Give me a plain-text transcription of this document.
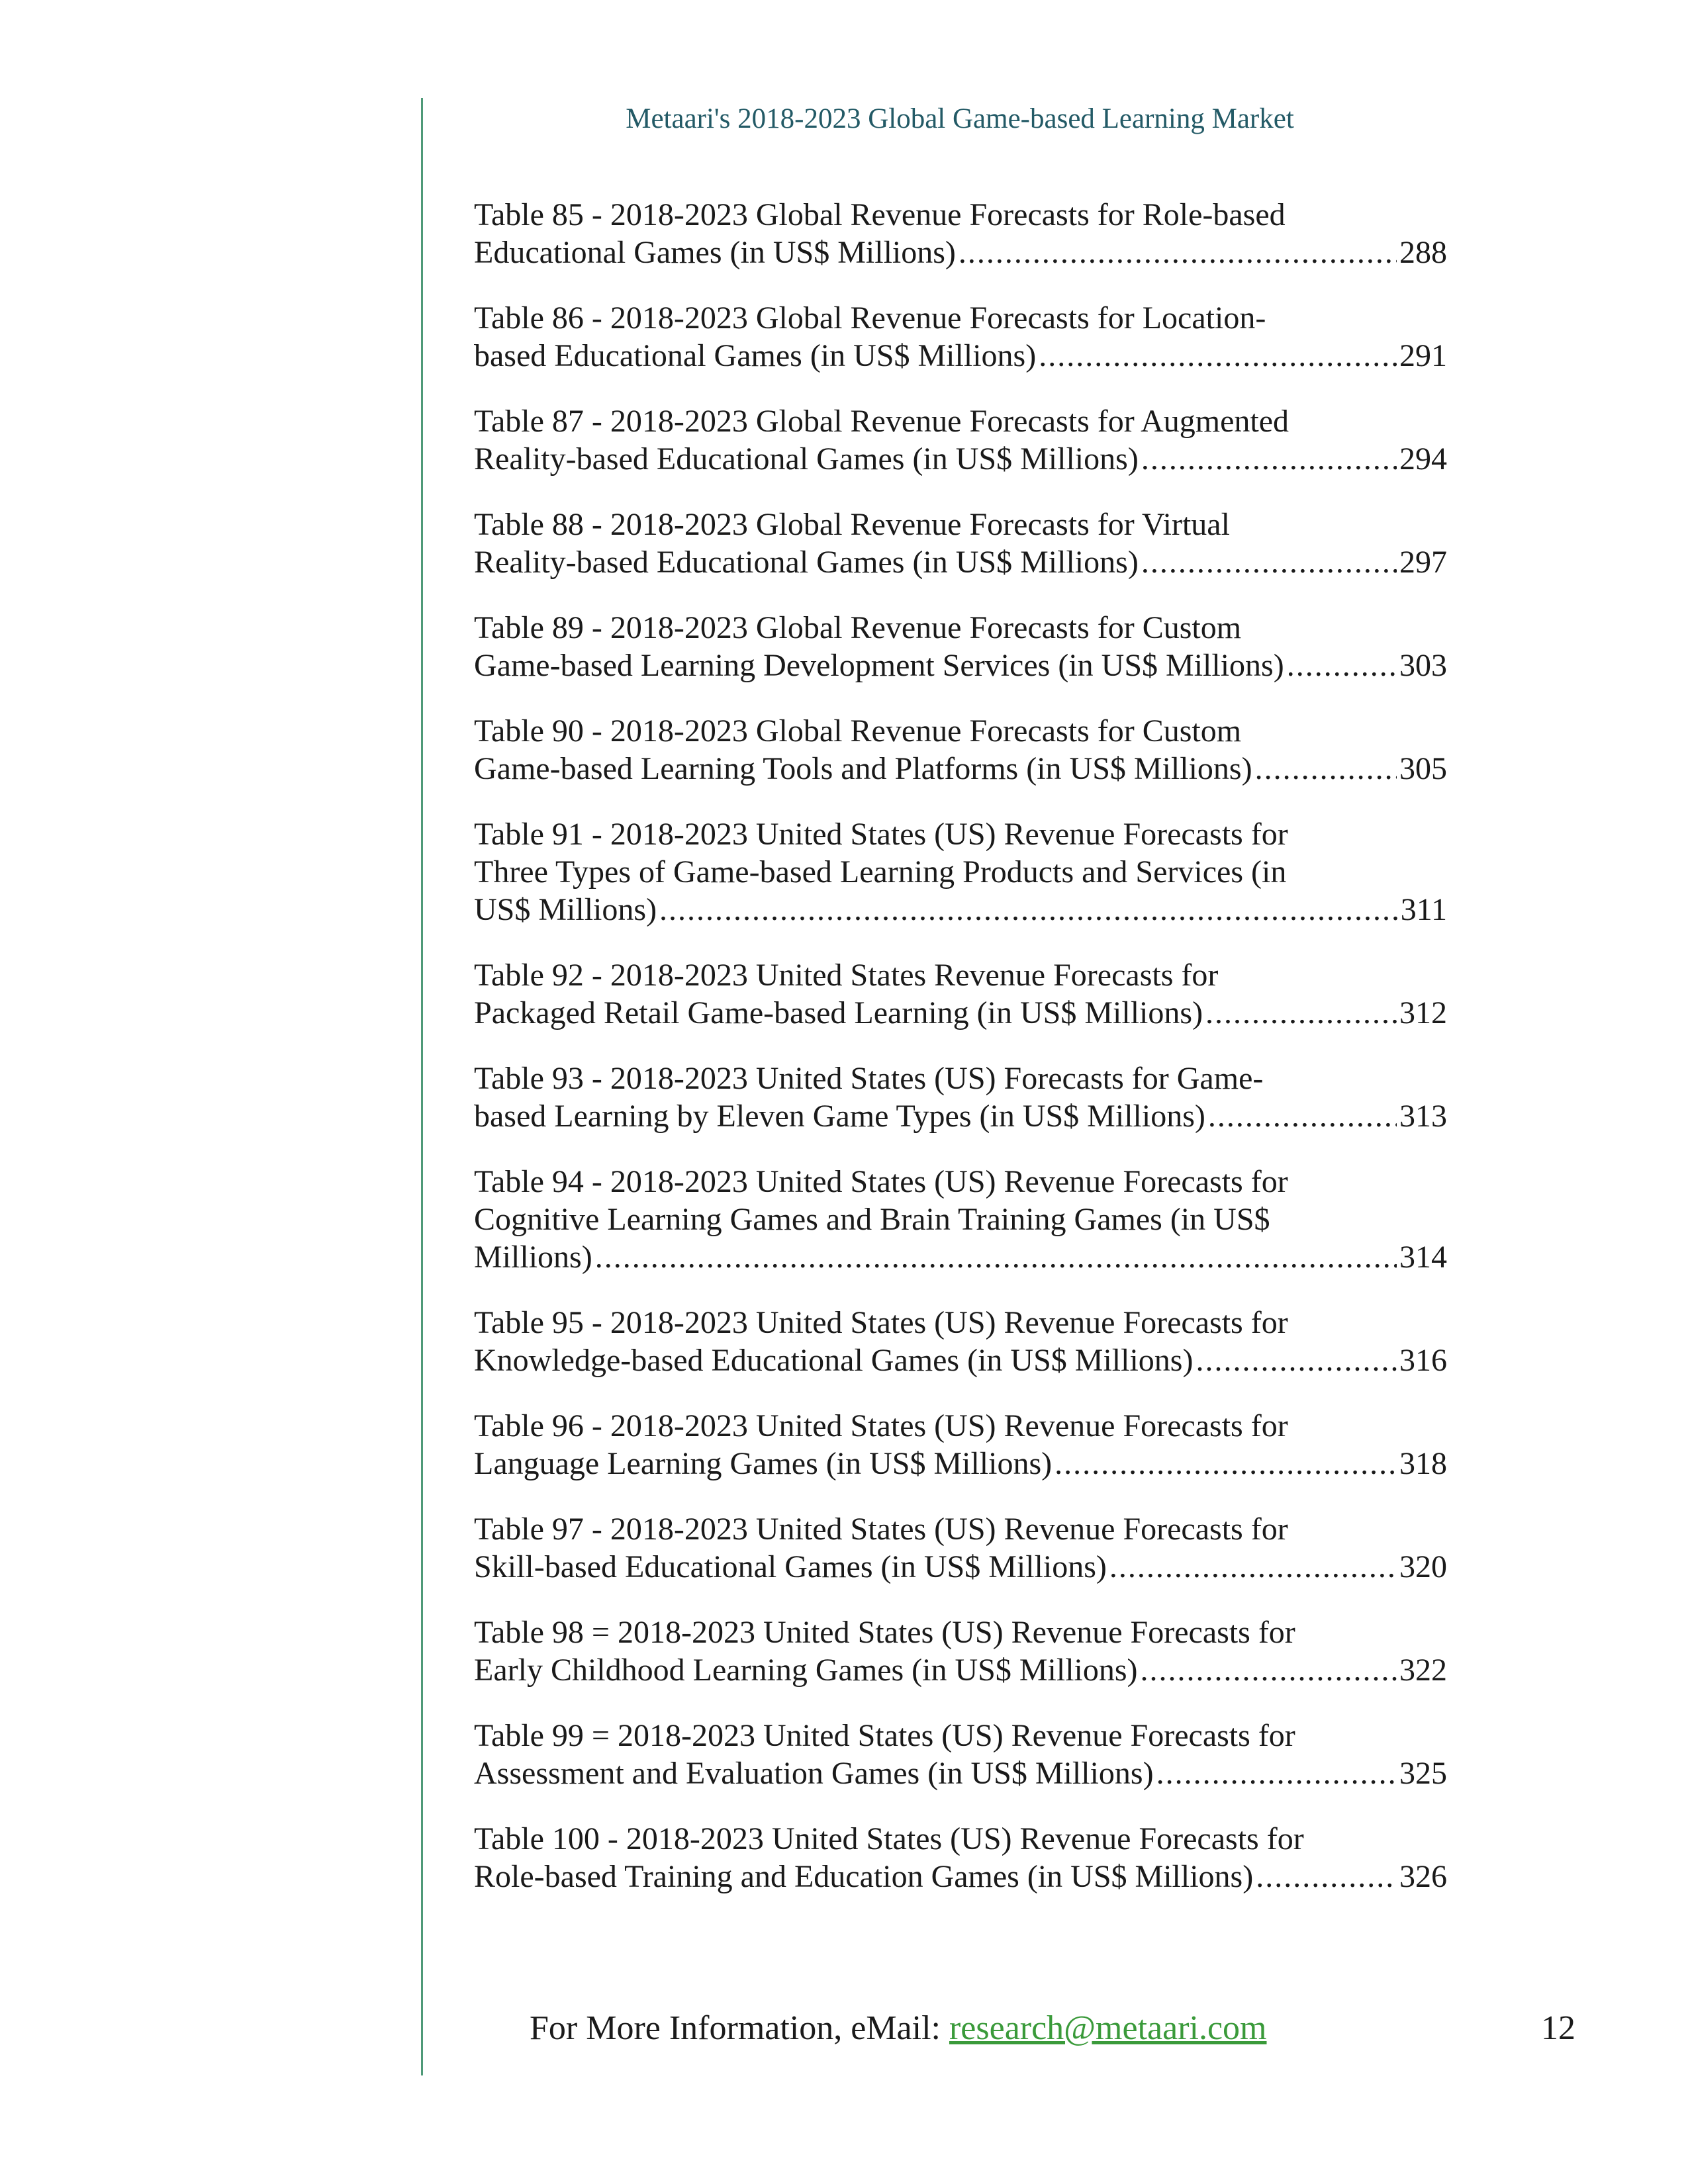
Metaari's 2018-2023 Global Game-based Learning Market
Table 85 - 2018-2023 Global Revenue Forecasts for Role-based
Educational Games (in US$ Millions) .....	288
Table 86 - 2018-2023 Global Revenue Forecasts for Location-
based Educational Games (in US$ Millions) .....	291
Table 87 - 2018-2023 Global Revenue Forecasts for Augmented
Reality-based Educational Games (in US$ Millions) .....	294
Table 88 - 2018-2023 Global Revenue Forecasts for Virtual
Reality-based Educational Games (in US$ Millions) .....	297
Table 89 - 2018-2023 Global Revenue Forecasts for Custom
Game-based Learning Development Services (in US$ Millions) .....	303
Table 90 - 2018-2023 Global Revenue Forecasts for Custom
Game-based Learning Tools and Platforms (in US$ Millions) .....	305
Table 91 - 2018-2023 United States (US) Revenue Forecasts for
Three Types of Game-based Learning Products and Services (in
US$ Millions) .....	311
Table 92 - 2018-2023 United States Revenue Forecasts for
Packaged Retail Game-based Learning (in US$ Millions) .....	312
Table 93 - 2018-2023 United States (US) Forecasts for Game-
based Learning by Eleven Game Types (in US$ Millions) .....	313
Table 94 - 2018-2023 United States (US) Revenue Forecasts for
Cognitive Learning Games and Brain Training Games (in US$
Millions) .....	314
Table 95 - 2018-2023 United States (US) Revenue Forecasts for
Knowledge-based Educational Games (in US$ Millions) .....	316
Table 96 - 2018-2023 United States (US) Revenue Forecasts for
Language Learning Games (in US$ Millions) .....	318
Table 97 - 2018-2023 United States (US) Revenue Forecasts for
Skill-based Educational Games (in US$ Millions) .....	320
Table 98 = 2018-2023 United States (US) Revenue Forecasts for
Early Childhood Learning Games (in US$ Millions) .....	322
Table 99 = 2018-2023 United States (US) Revenue Forecasts for
Assessment and Evaluation Games (in US$ Millions) .....	325
Table 100 - 2018-2023 United States (US) Revenue Forecasts for
Role-based Training and Education Games (in US$ Millions) .....	326
For More Information, eMail: research@metaari.com	12
